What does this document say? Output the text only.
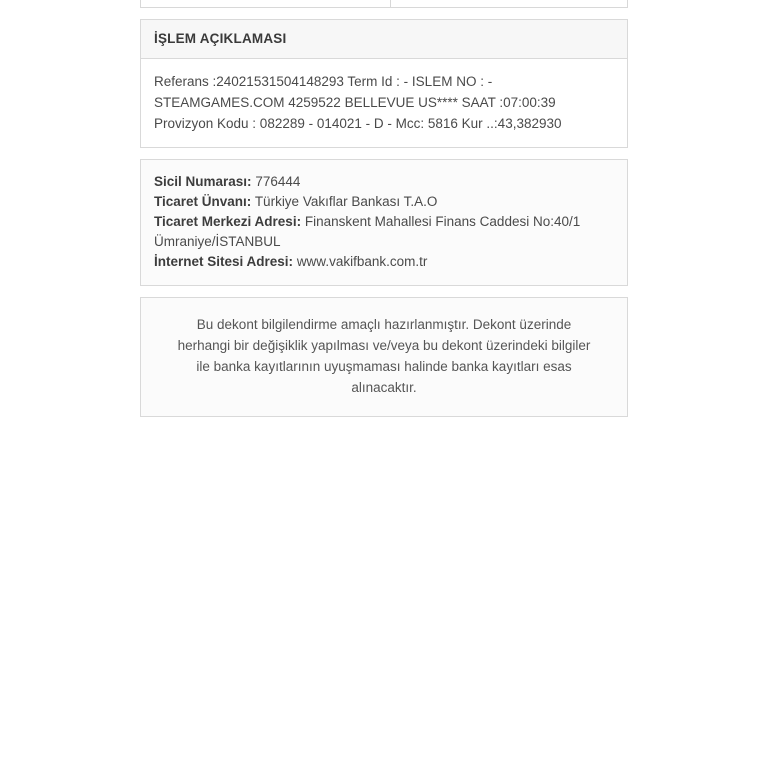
İŞLEM AÇIKLAMASI
Referans :24021531504148293 Term Id : - ISLEM NO : -
STEAMGAMES.COM 4259522 BELLEVUE US**** SAAT :07:00:39
Provizyon Kodu : 082289 - 014021 - D - Mcc: 5816 Kur ..:43,382930
Sicil Numarası: 776444
Ticaret Ünvanı: Türkiye Vakıflar Bankası T.A.O
Ticaret Merkezi Adresi: Finanskent Mahallesi Finans Caddesi No:40/1 Ümraniye/İSTANBUL
İnternet Sitesi Adresi: www.vakifbank.com.tr
Bu dekont bilgilendirme amaçlı hazırlanmıştır. Dekont üzerinde herhangi bir değişiklik yapılması ve/veya bu dekont üzerindeki bilgiler ile banka kayıtlarının uyuşmaması halinde banka kayıtları esas alınacaktır.
